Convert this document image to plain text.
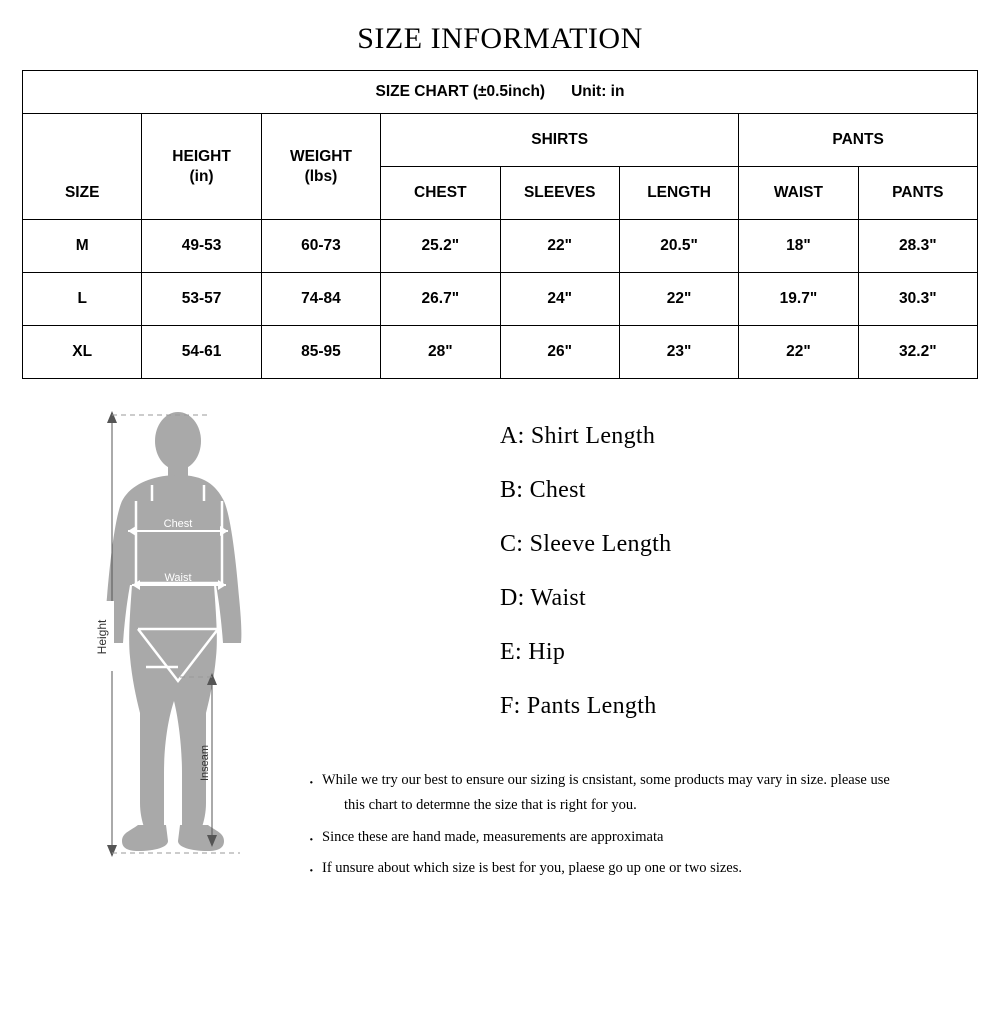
SIZE INFORMATION
SIZE CHART (±0.5inch) Unit: in							

HEIGHT
(in)

WEIGHT
(lbs)
	SHIRTS	PANTS
SIZE			CHEST	SLEEVES	LENGTH	WAIST	PANTS
M	49-53	60-73	25.2"	22"	20.5"	18"	28.3"
L	53-57	74-84	26.7"	24"	22"	19.7"	30.3"
XL	54-61	85-95	28"	26"	23"	22"	32.2"
Chest
Waist
Height
Inseam
A: Shirt Length
B: Chest
C: Sleeve Length
D: Waist
E: Hip
F: Pants Length
· While we try our best to ensure our sizing is cnsistant, some products may vary in size. please use
this chart to determne the size that is right for you.
· Since these are hand made, measurements are approximata
· If unsure about which size is best for you, plaese go up one or two sizes.
